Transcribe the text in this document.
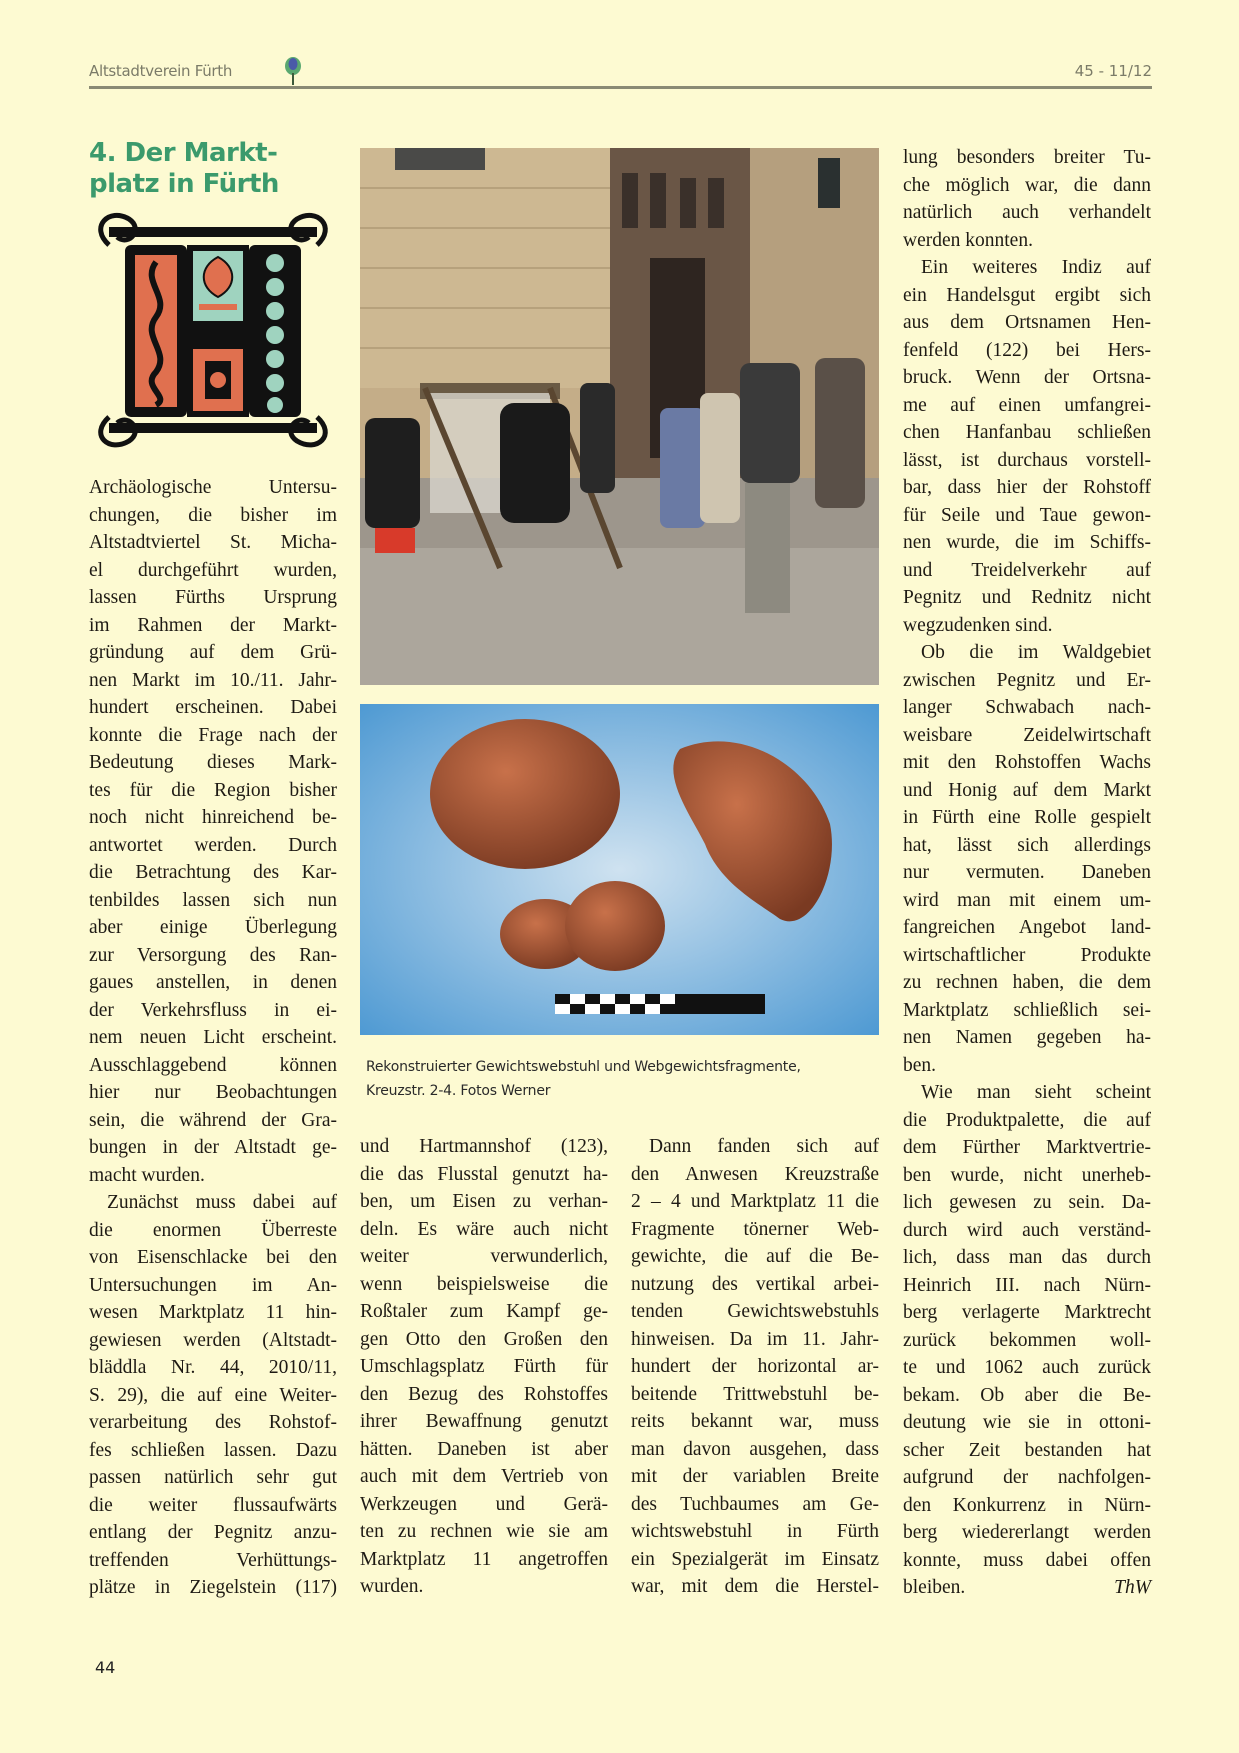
Altstadtverein Fürth	45 - 11/12
4. Der Markt-
platz in Fürth
Archäologische Untersu-
chungen, die bisher im
Altstadtviertel St. Micha-
el durchgeführt wurden,
lassen Fürths Ursprung
im Rahmen der Markt-
gründung auf dem Grü-
nen Markt im 10./11. Jahr-
hundert erscheinen. Dabei
konnte die Frage nach der
Bedeutung dieses Mark-
tes für die Region bisher
noch nicht hinreichend be-
antwortet werden. Durch
die Betrachtung des Kar-
tenbildes lassen sich nun
aber einige Überlegung
zur Versorgung des Ran-
gaues anstellen, in denen
der Verkehrsfluss in ei-
nem neuen Licht erscheint.
Ausschlaggebend können
hier nur Beobachtungen
sein, die während der Gra-
bungen in der Altstadt ge-
macht wurden.
Zunächst muss dabei auf
die enormen Überreste
von Eisenschlacke bei den
Untersuchungen im An-
wesen Marktplatz 11 hin-
gewiesen werden (Altstadt-
bläddla Nr. 44, 2010/11,
S. 29), die auf eine Weiter-
verarbeitung des Rohstof-
fes schließen lassen. Dazu
passen natürlich sehr gut
die weiter flussaufwärts
entlang der Pegnitz anzu-
treffenden Verhüttungs-
plätze in Ziegelstein (117)
und Hartmannshof (123),
die das Flusstal genutzt ha-
ben, um Eisen zu verhan-
deln. Es wäre auch nicht
weiter verwunderlich,
wenn beispielsweise die
Roßtaler zum Kampf ge-
gen Otto den Großen den
Umschlagsplatz Fürth für
den Bezug des Rohstoffes
ihrer Bewaffnung genutzt
hätten. Daneben ist aber
auch mit dem Vertrieb von
Werkzeugen und Gerä-
ten zu rechnen wie sie am
Marktplatz 11 angetroffen
wurden.
Dann fanden sich auf
den Anwesen Kreuzstraße
2 – 4 und Marktplatz 11 die
Fragmente tönerner Web-
gewichte, die auf die Be-
nutzung des vertikal arbei-
tenden Gewichtswebstuhls
hinweisen. Da im 11. Jahr-
hundert der horizontal ar-
beitende Trittwebstuhl be-
reits bekannt war, muss
man davon ausgehen, dass
mit der variablen Breite
des Tuchbaumes am Ge-
wichtswebstuhl in Fürth
ein Spezialgerät im Einsatz
war, mit dem die Herstel-
lung besonders breiter Tu-
che möglich war, die dann
natürlich auch verhandelt
werden konnten.
Ein weiteres Indiz auf
ein Handelsgut ergibt sich
aus dem Ortsnamen Hen-
fenfeld (122) bei Hers-
bruck. Wenn der Ortsna-
me auf einen umfangrei-
chen Hanfanbau schließen
lässt, ist durchaus vorstell-
bar, dass hier der Rohstoff
für Seile und Taue gewon-
nen wurde, die im Schiffs-
und Treidelverkehr auf
Pegnitz und Rednitz nicht
wegzudenken sind.
Ob die im Waldgebiet
zwischen Pegnitz und Er-
langer Schwabach nach-
weisbare Zeidelwirtschaft
mit den Rohstoffen Wachs
und Honig auf dem Markt
in Fürth eine Rolle gespielt
hat, lässt sich allerdings
nur vermuten. Daneben
wird man mit einem um-
fangreichen Angebot land-
wirtschaftlicher Produkte
zu rechnen haben, die dem
Marktplatz schließlich sei-
nen Namen gegeben ha-
ben.
Wie man sieht scheint
die Produktpalette, die auf
dem Fürther Marktvertrie-
ben wurde, nicht unerheb-
lich gewesen zu sein. Da-
durch wird auch verständ-
lich, dass man das durch
Heinrich III. nach Nürn-
berg verlagerte Marktrecht
zurück bekommen woll-
te und 1062 auch zurück
bekam. Ob aber die Be-
deutung wie sie in ottoni-
scher Zeit bestanden hat
aufgrund der nachfolgen-
den Konkurrenz in Nürn-
berg wiedererlangt werden
konnte, muss dabei offen
bleiben.	ThW
Rekonstruierter Gewichtswebstuhl und Webgewichtsfragmente,
Kreuzstr. 2-4. Fotos Werner
44
